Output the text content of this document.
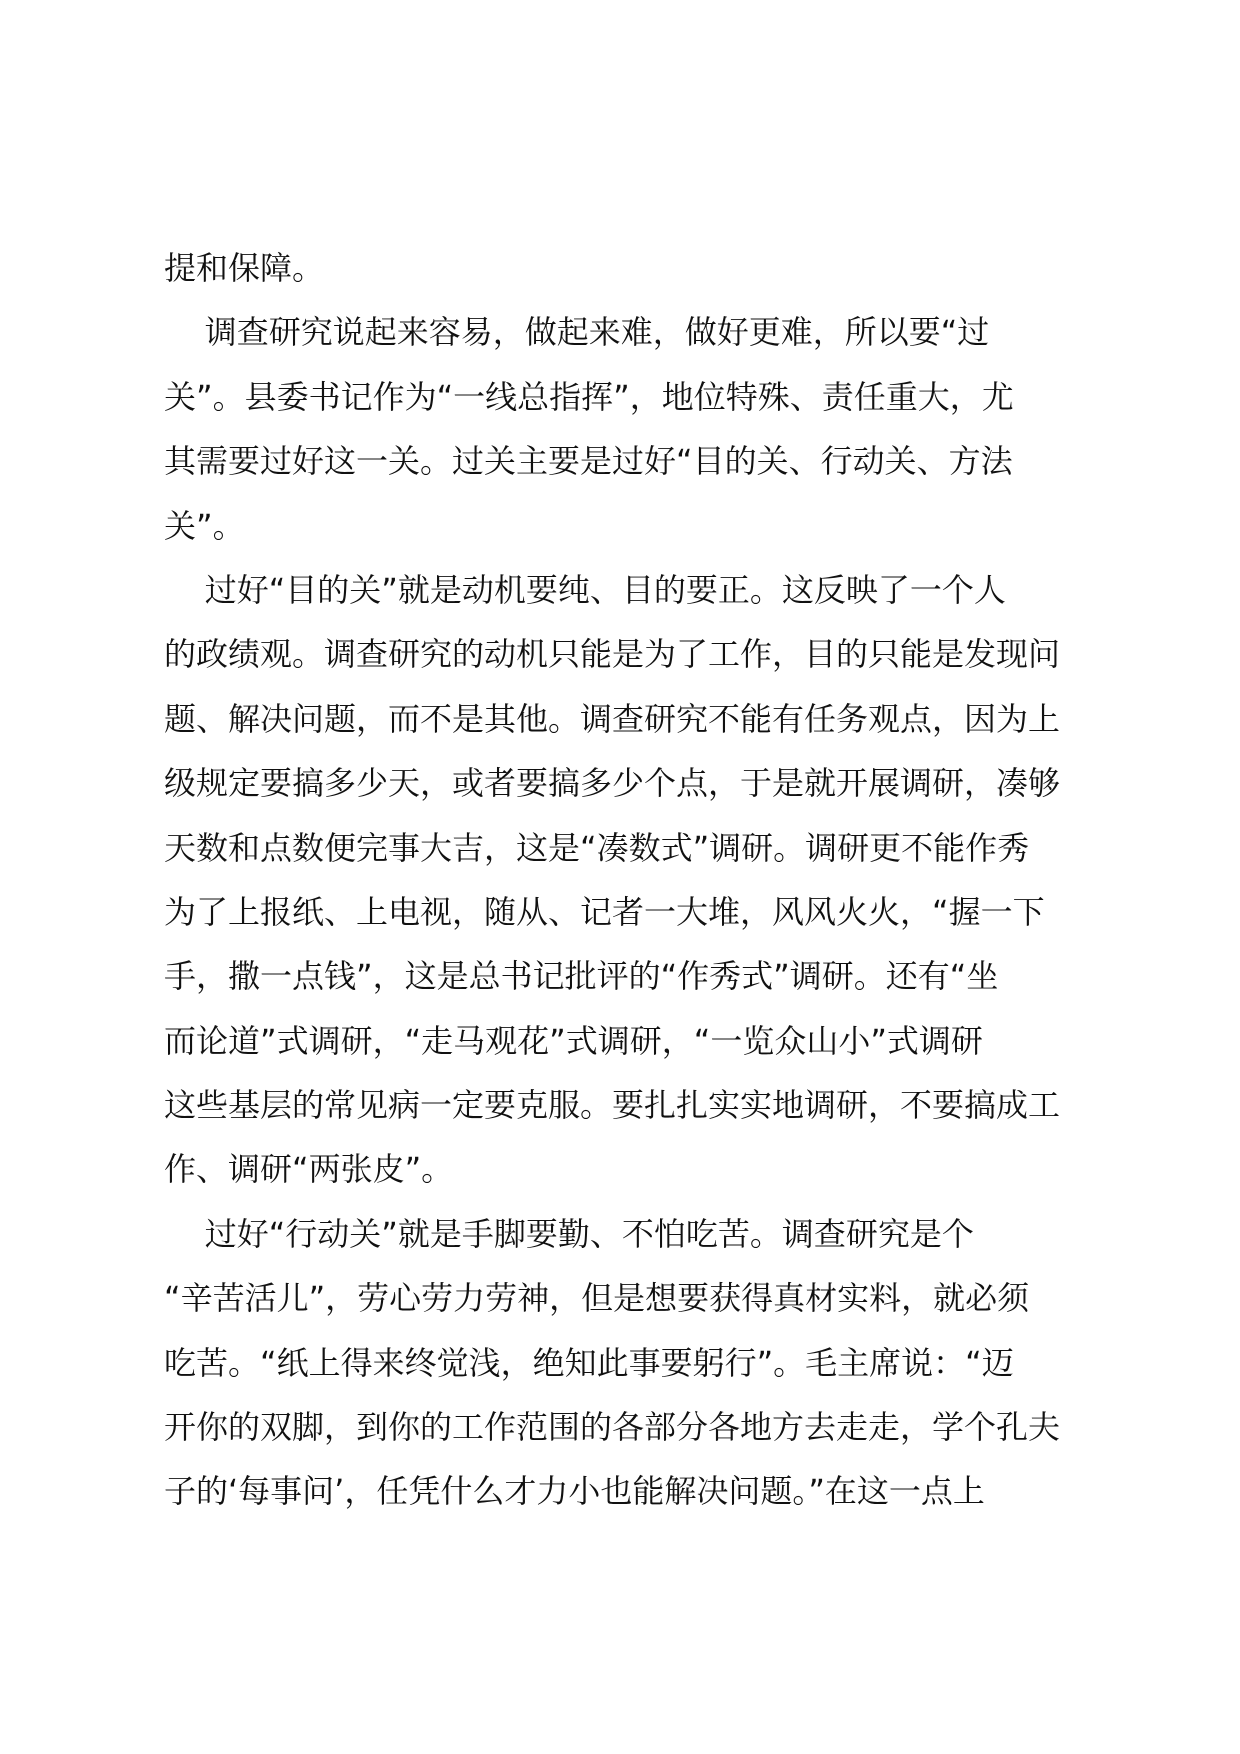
提和保障。
调查研究说起来容易，做起来难，做好更难，所以要“过
关”。县委书记作为“一线总指挥”，地位特殊、责任重大，尤
其需要过好这一关。过关主要是过好“目的关、行动关、方法
关”。
过好“目的关”就是动机要纯、目的要正。这反映了一个人
的政绩观。调查研究的动机只能是为了工作，目的只能是发现问
题、解决问题，而不是其他。调查研究不能有任务观点，因为上
级规定要搞多少天，或者要搞多少个点，于是就开展调研，凑够
天数和点数便完事大吉，这是“凑数式”调研。调研更不能作秀
为了上报纸、上电视，随从、记者一大堆，风风火火，“握一下
手，撒一点钱”，这是总书记批评的“作秀式”调研。还有“坐
而论道”式调研，“走马观花”式调研，“一览众山小”式调研
这些基层的常见病一定要克服。要扎扎实实地调研，不要搞成工
作、调研“两张皮”。
过好“行动关”就是手脚要勤、不怕吃苦。调查研究是个
“辛苦活儿”，劳心劳力劳神，但是想要获得真材实料，就必须
吃苦。“纸上得来终觉浅，绝知此事要躬行”。毛主席说：“迈
开你的双脚，到你的工作范围的各部分各地方去走走，学个孔夫
子的‘每事问’，任凭什么才力小也能解决问题。”在这一点上
